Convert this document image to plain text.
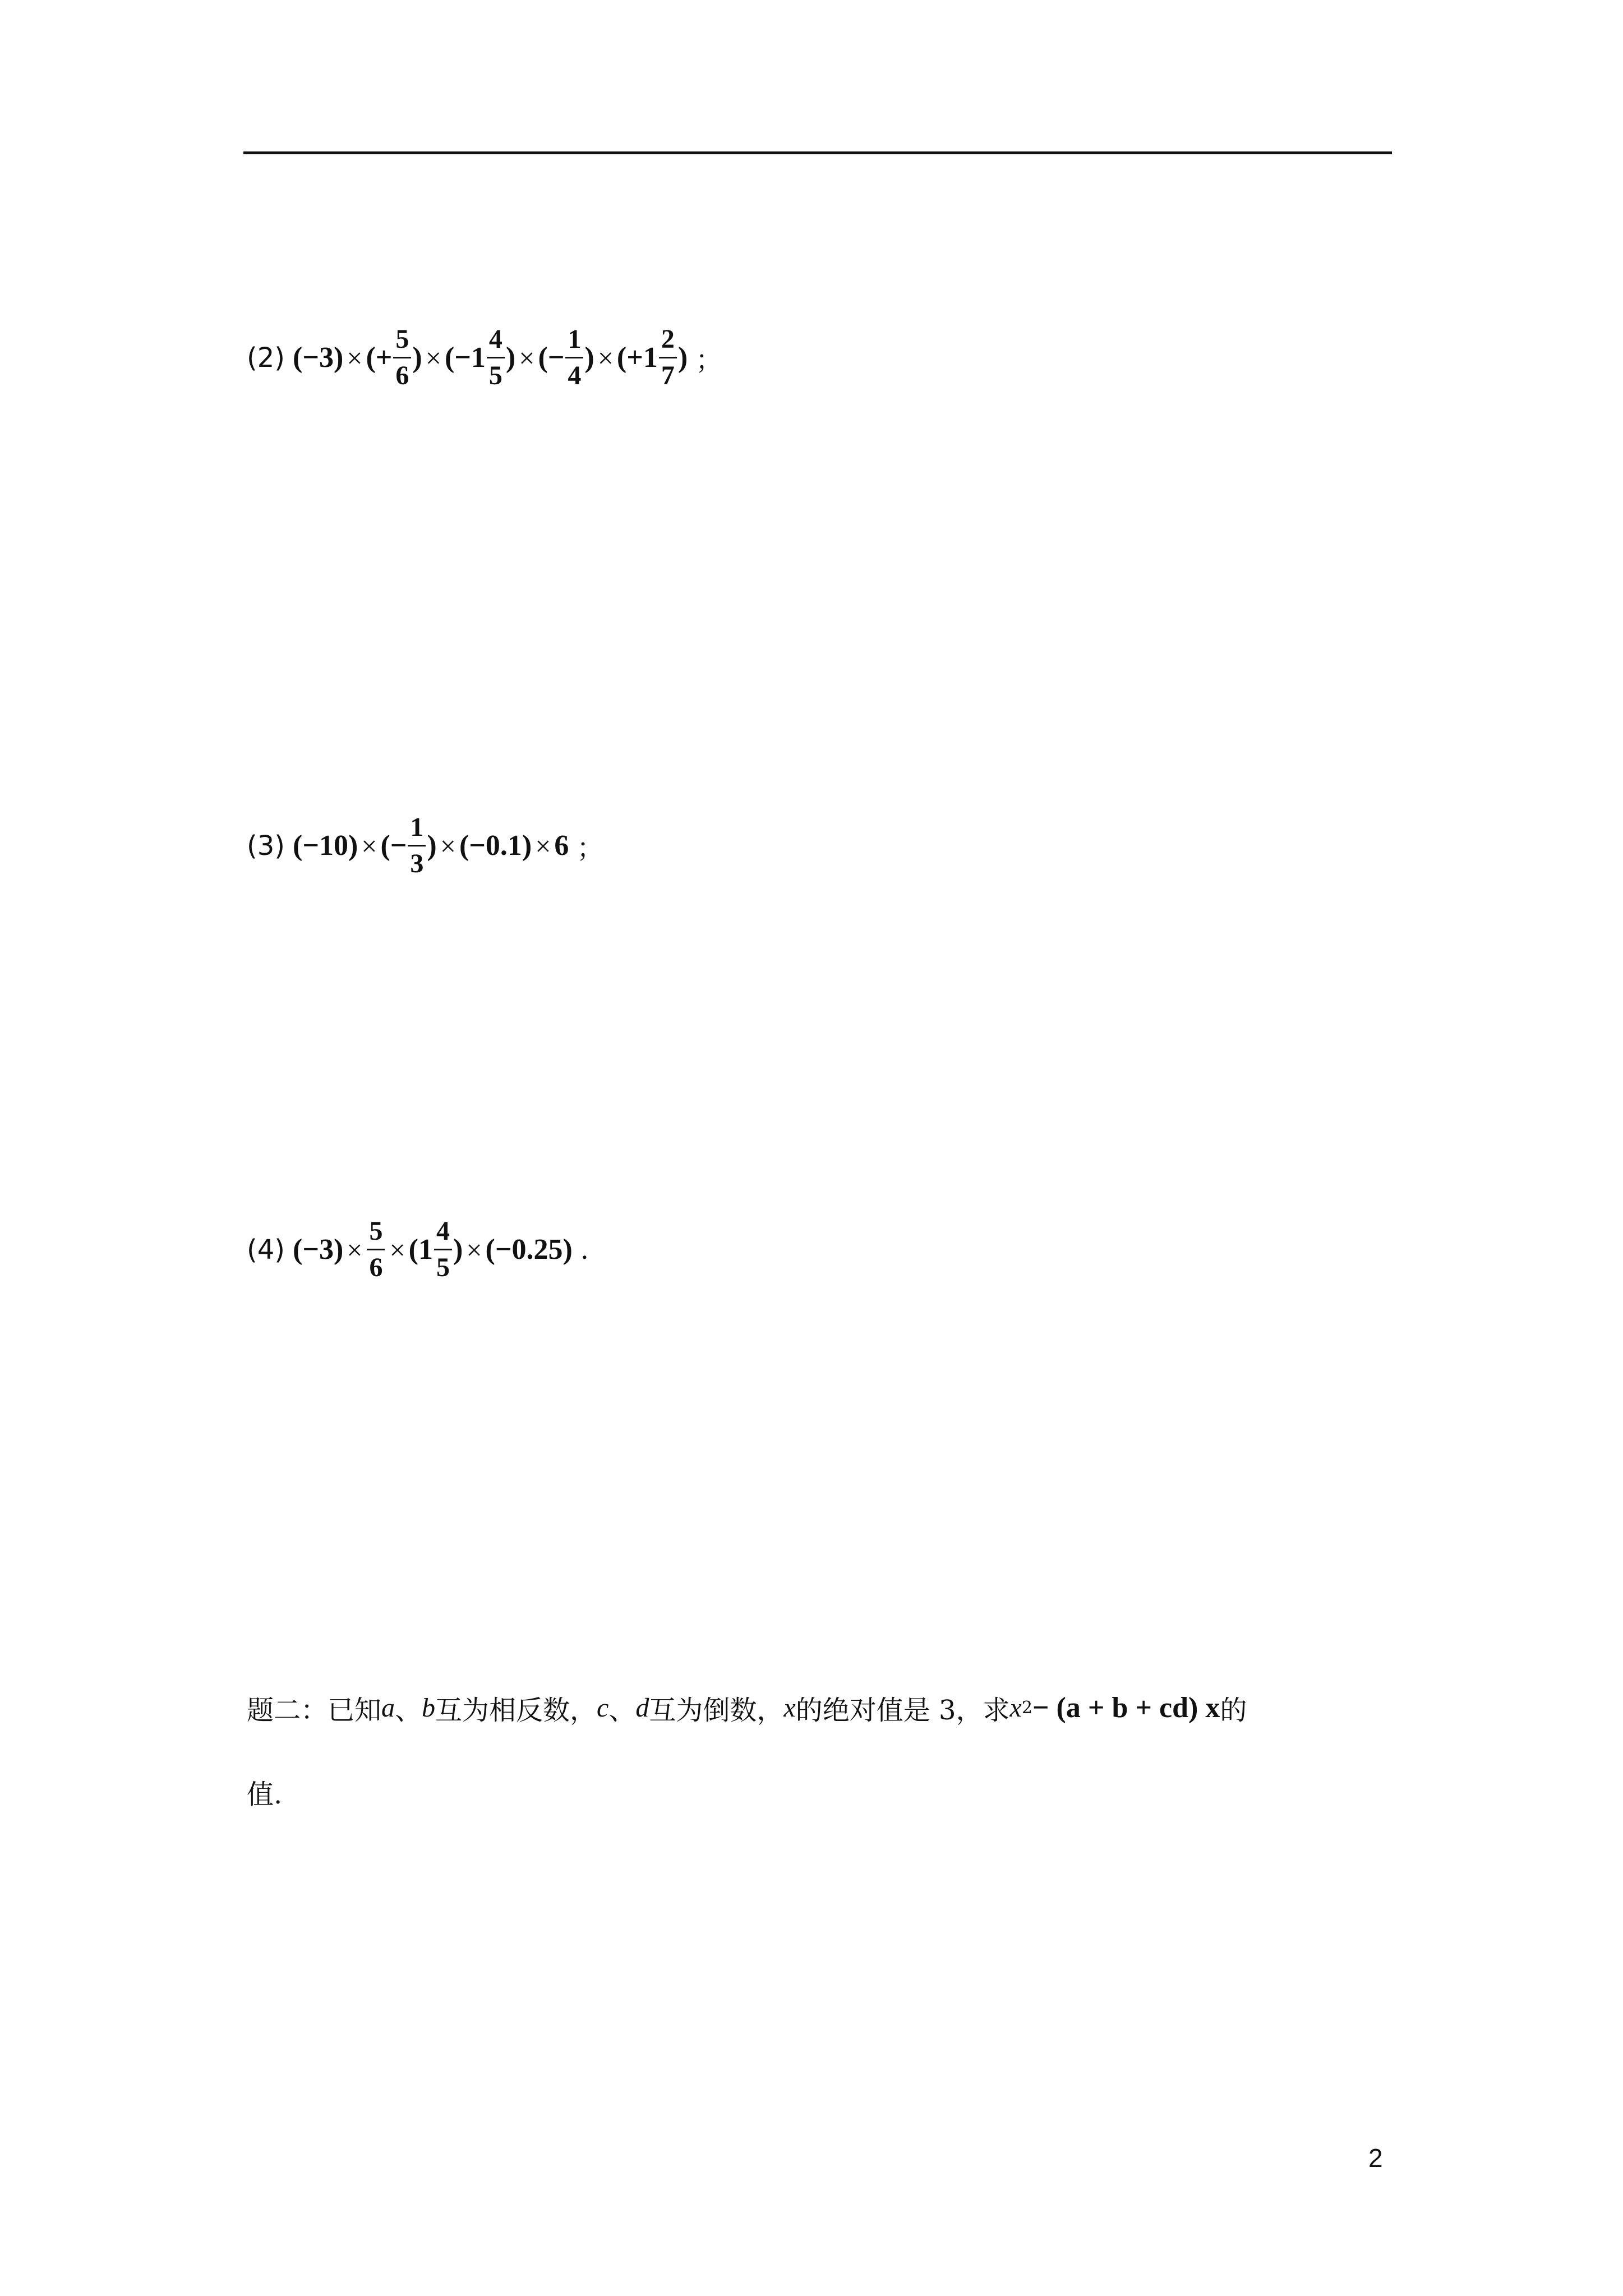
(2) (−3) × (+ $\frac{5}{6}$ ) × ($-1 \frac{4}{5}$ ) × (− $\frac{1}{4}$ ) × ($+1 \frac{2}{7}$ ) ；
(3) (−10) × (− $\frac{1}{3}$ ) × (−0.1) × 6 ；
(4) $(-3) \times \frac{5}{6} \times (1 \frac{4}{5}$ ) × (−0.25) .
题二：已知 a 、 b 互为相反数， c 、 d 互为倒数， x 的绝对值是 3，求 x 2 − (a + b + cd) x 的
值.
2
